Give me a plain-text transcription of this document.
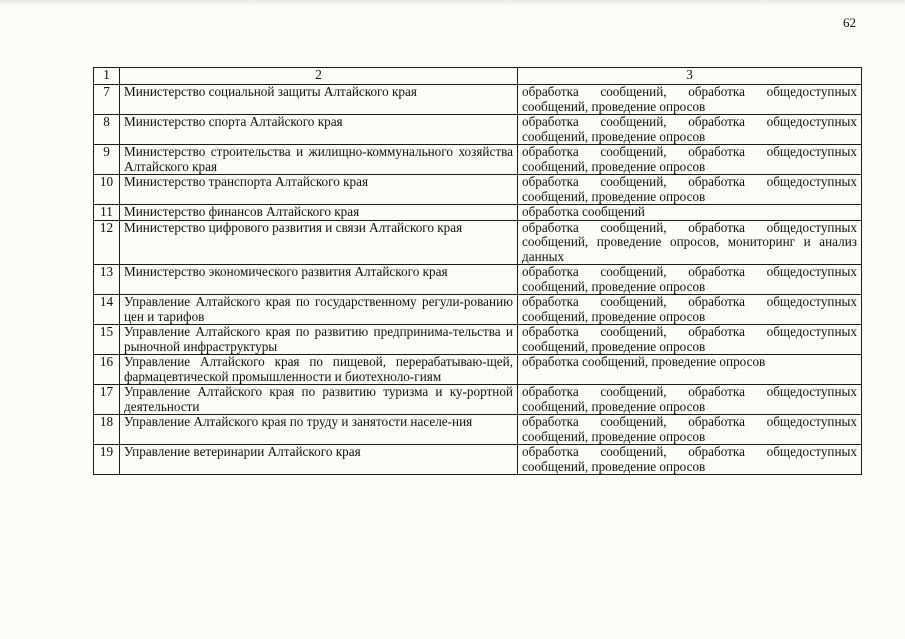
62
1	2	3
7	Министерство социальной защиты Алтайского края	обработка сообщений, обработка общедоступных сообщений, проведение опросов
8	Министерство спорта Алтайского края	обработка сообщений, обработка общедоступных сообщений, проведение опросов
9	Министерство строительства и жилищно-коммунального хозяйства Алтайского края	обработка сообщений, обработка общедоступных сообщений, проведение опросов
10	Министерство транспорта Алтайского края	обработка сообщений, обработка общедоступных сообщений, проведение опросов
11	Министерство финансов Алтайского края	обработка сообщений
12	Министерство цифрового развития и связи Алтайского края	обработка сообщений, обработка общедоступных сообщений, проведение опросов, мониторинг и анализ данных
13	Министерство экономического развития Алтайского края	обработка сообщений, обработка общедоступных сообщений, проведение опросов
14	Управление Алтайского края по государственному регули-рованию цен и тарифов	обработка сообщений, обработка общедоступных сообщений, проведение опросов
15	Управление Алтайского края по развитию предпринима-тельства и рыночной инфраструктуры	обработка сообщений, обработка общедоступных сообщений, проведение опросов
16	Управление Алтайского края по пищевой, перерабатываю-щей, фармацевтической промышленности и биотехноло-гиям	обработка сообщений, проведение опросов
17	Управление Алтайского края по развитию туризма и ку-рортной деятельности	обработка сообщений, обработка общедоступных сообщений, проведение опросов
18	Управление Алтайского края по труду и занятости населе-ния	обработка сообщений, обработка общедоступных сообщений, проведение опросов
19	Управление ветеринарии Алтайского края	обработка сообщений, обработка общедоступных сообщений, проведение опросов
